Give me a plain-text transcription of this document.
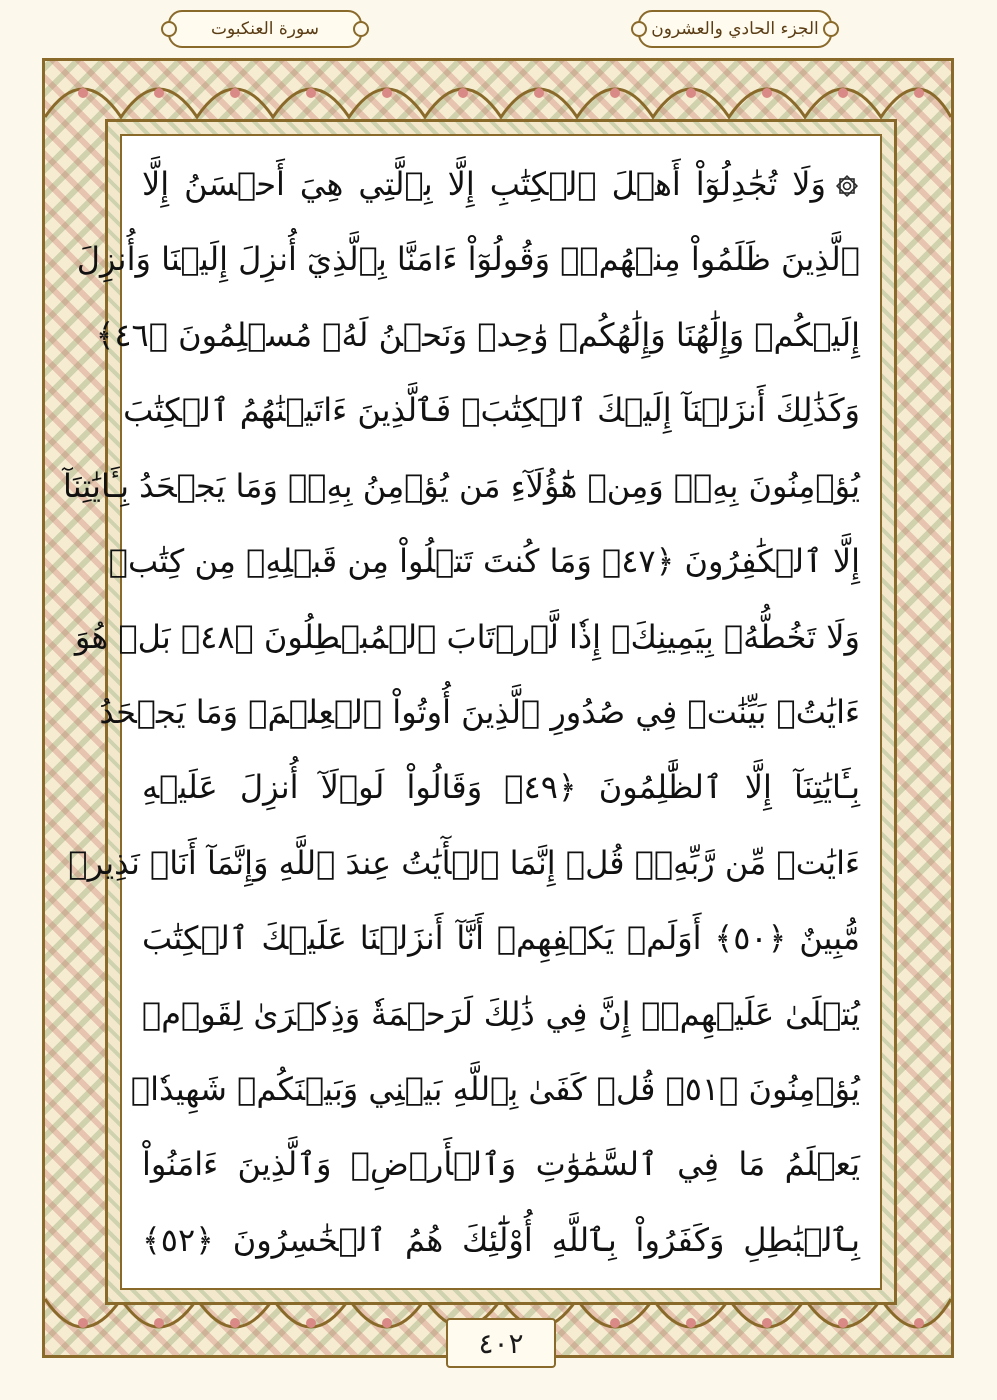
الجزء الحادي والعشرون
سورة العنكبوت
وَلَا تُجَٰدِلُوٓاْ أَهۡلَ ٱلۡكِتَٰبِ إِلَّا بِٱلَّتِي هِيَ أَحۡسَنُ إِلَّا
ٱلَّذِينَ ظَلَمُواْ مِنۡهُمۡۖ وَقُولُوٓاْ ءَامَنَّا بِٱلَّذِيٓ أُنزِلَ إِلَيۡنَا وَأُنزِلَ
إِلَيۡكُمۡ وَإِلَٰهُنَا وَإِلَٰهُكُمۡ وَٰحِدٞ وَنَحۡنُ لَهُۥ مُسۡلِمُونَ ﴿٤٦﴾
وَكَذَٰلِكَ أَنزَلۡنَآ إِلَيۡكَ ٱلۡكِتَٰبَۚ فَٱلَّذِينَ ءَاتَيۡنَٰهُمُ ٱلۡكِتَٰبَ
يُؤۡمِنُونَ بِهِۦۖ وَمِنۡ هَٰٓؤُلَآءِ مَن يُؤۡمِنُ بِهِۦۚ وَمَا يَجۡحَدُ بِـَٔايَٰتِنَآ
إِلَّا ٱلۡكَٰفِرُونَ ﴿٤٧﴾ وَمَا كُنتَ تَتۡلُواْ مِن قَبۡلِهِۦ مِن كِتَٰبٖ
وَلَا تَخُطُّهُۥ بِيَمِينِكَۖ إِذٗا لَّٱرۡتَابَ ٱلۡمُبۡطِلُونَ ﴿٤٨﴾ بَلۡ هُوَ
ءَايَٰتُۢ بَيِّنَٰتٞ فِي صُدُورِ ٱلَّذِينَ أُوتُواْ ٱلۡعِلۡمَۚ وَمَا يَجۡحَدُ
بِـَٔايَٰتِنَآ إِلَّا ٱلظَّٰلِمُونَ ﴿٤٩﴾ وَقَالُواْ لَوۡلَآ أُنزِلَ عَلَيۡهِ
ءَايَٰتٞ مِّن رَّبِّهِۦۖ قُلۡ إِنَّمَا ٱلۡأٓيَٰتُ عِندَ ٱللَّهِ وَإِنَّمَآ أَنَا۠ نَذِيرٞ
مُّبِينٌ ﴿٥٠﴾ أَوَلَمۡ يَكۡفِهِمۡ أَنَّآ أَنزَلۡنَا عَلَيۡكَ ٱلۡكِتَٰبَ
يُتۡلَىٰ عَلَيۡهِمۡۚ إِنَّ فِي ذَٰلِكَ لَرَحۡمَةٗ وَذِكۡرَىٰ لِقَوۡمٖ
يُؤۡمِنُونَ ﴿٥١﴾ قُلۡ كَفَىٰ بِٱللَّهِ بَيۡنِي وَبَيۡنَكُمۡ شَهِيدٗاۖ
يَعۡلَمُ مَا فِي ٱلسَّمَٰوَٰتِ وَٱلۡأَرۡضِۗ وَٱلَّذِينَ ءَامَنُواْ
بِٱلۡبَٰطِلِ وَكَفَرُواْ بِٱللَّهِ أُوْلَٰٓئِكَ هُمُ ٱلۡخَٰسِرُونَ ﴿٥٢﴾
٤٠٢
